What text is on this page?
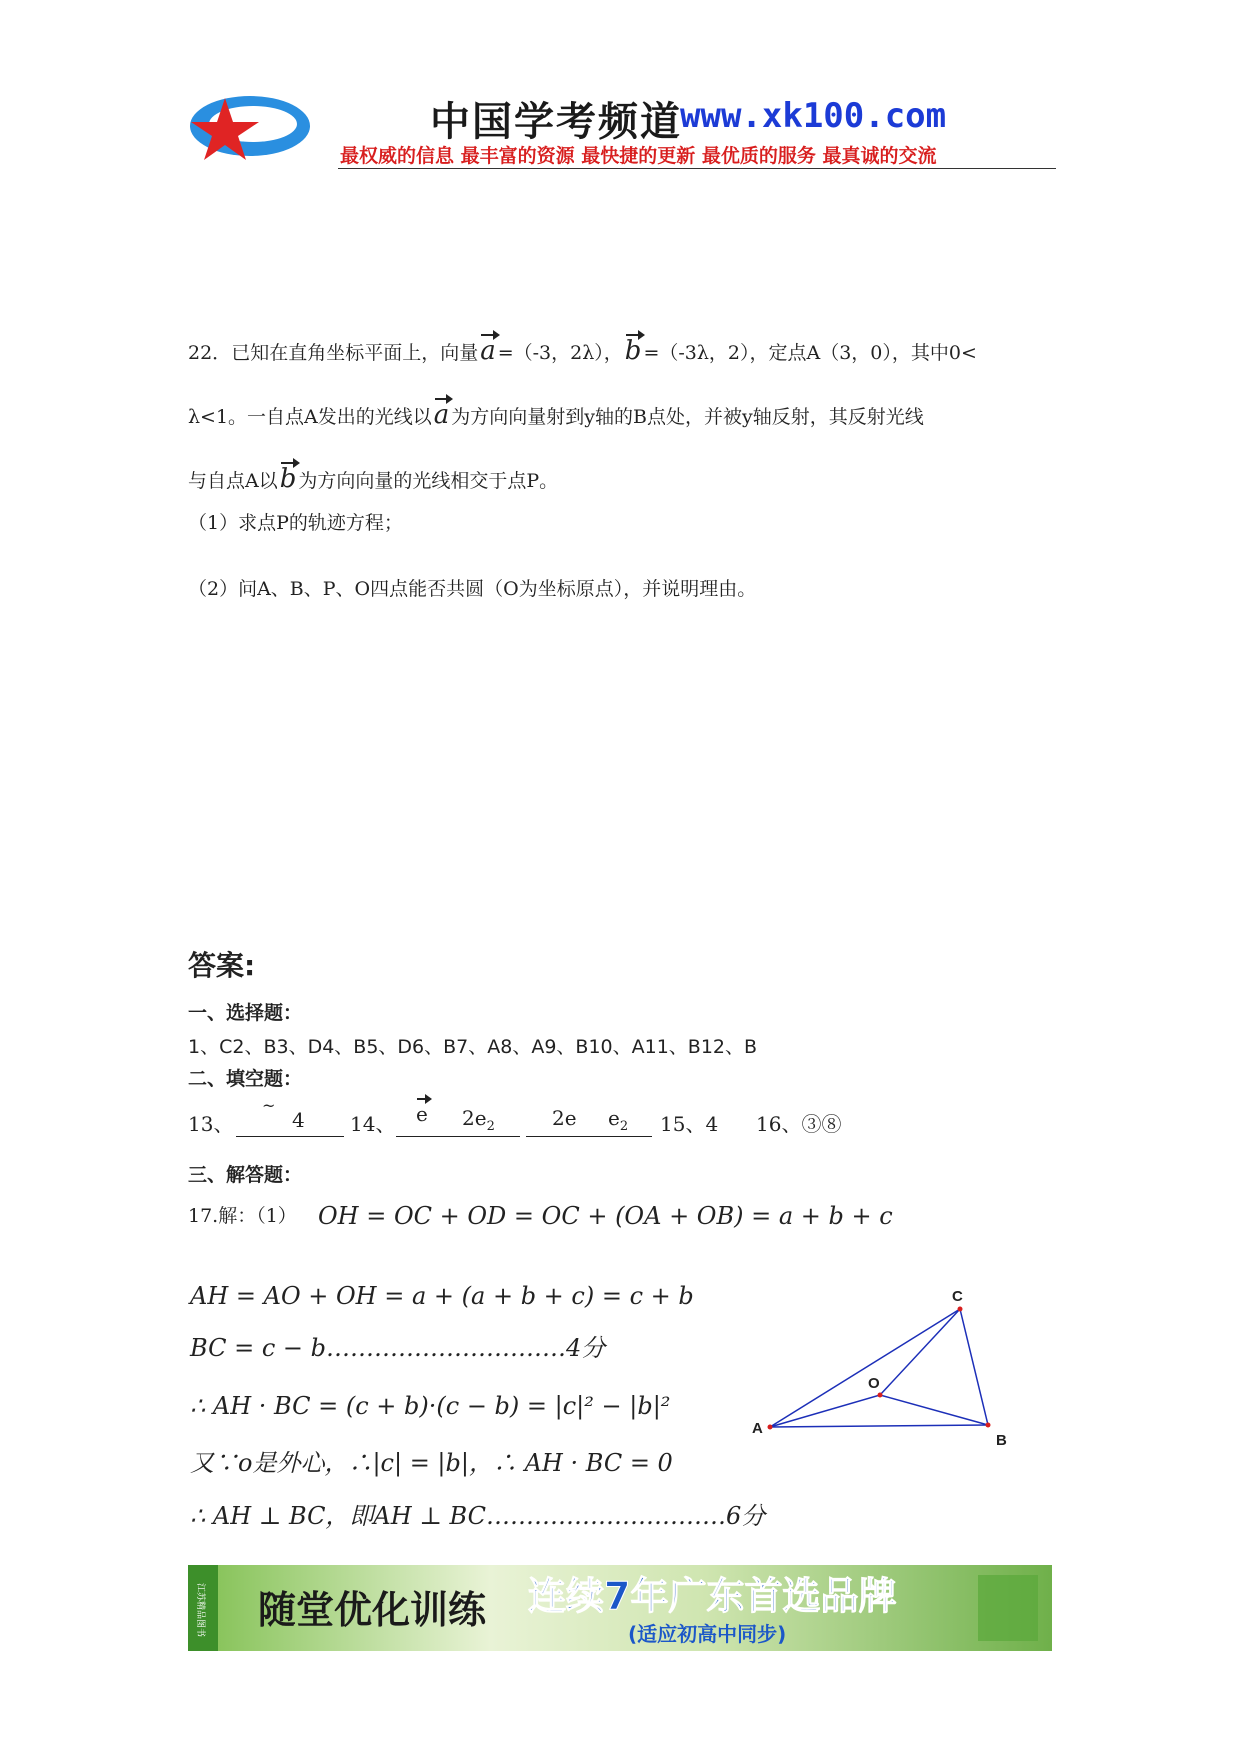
中国学考频道
www.xk100.com
最权威的信息 最丰富的资源 最快捷的更新 最优质的服务 最真诚的交流
22．已知在直角坐标平面上，向量a =（-3，2λ），b =（-3λ，2），定点A（3，0），其中0<
λ<1。一自点A发出的光线以a 为方向向量射到y轴的B点处，并被y轴反射，其反射光线
与自点A以b 为方向向量的光线相交于点P。
（1）求点P的轨迹方程；
（2）问A、B、P、O四点能否共圆（O为坐标原点），并说明理由。
答案:
一、选择题：
1、C2、B3、D4、B5、D6、B7、A8、A9、B10、A11、B12、B
二、填空题：
13、
~
4 14、	e $2e_2$	2e $e_2$ 15、4 16、③⑧
三、解答题：
17.解：（1） OH = OC + OD = OC + (OA + OB) = a + b + c
AH = AO + OH = a + (a + b + c) = c + b
BC = c − b…………………………4分
∴ AH · BC = (c + b)·(c − b) = |c|² − |b|²
又∵o是外心，∴|c| = |b|，∴ AH · BC = 0
∴ AH ⊥ BC，即AH ⊥ BC…………………………6分
A
B
C
O
江苏精品图书 随堂优化训练 连续7年广东首选品牌
(适应初高中同步)
